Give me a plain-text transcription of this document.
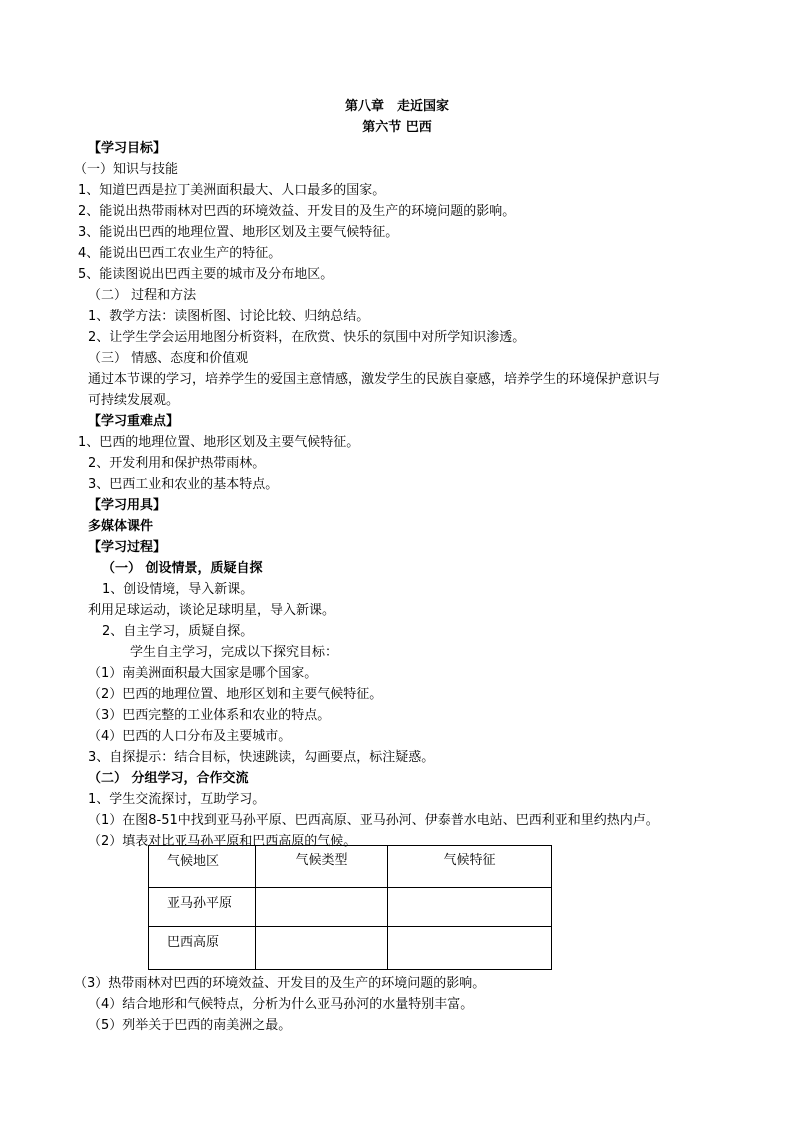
第八章　走近国家
第六节 巴西
【学习目标】
（一）知识与技能
1、知道巴西是拉丁美洲面积最大、人口最多的国家。
2、能说出热带雨林对巴西的环境效益、开发目的及生产的环境问题的影响。
3、能说出巴西的地理位置、地形区划及主要气候特征。
4、能说出巴西工农业生产的特征。
5、能读图说出巴西主要的城市及分布地区。
（二） 过程和方法
1、教学方法：读图析图、讨论比较、归纳总结。
2、让学生学会运用地图分析资料，在欣赏、快乐的氛围中对所学知识渗透。
（三） 情感、态度和价值观
通过本节课的学习，培养学生的爱国主意情感，激发学生的民族自豪感，培养学生的环境保护意识与
可持续发展观。
【学习重难点】
1、巴西的地理位置、地形区划及主要气候特征。
2、开发利用和保护热带雨林。
3、巴西工业和农业的基本特点。
【学习用具】
多媒体课件
【学习过程】
（一） 创设情景，质疑自探
1、创设情境，导入新课。
利用足球运动，谈论足球明星，导入新课。
2、自主学习，质疑自探。
学生自主学习，完成以下探究目标：
（1）南美洲面积最大国家是哪个国家。
（2）巴西的地理位置、地形区划和主要气候特征。
（3）巴西完整的工业体系和农业的特点。
（4）巴西的人口分布及主要城市。
3、自探提示：结合目标，快速跳读，勾画要点，标注疑惑。
（二） 分组学习，合作交流
1、学生交流探讨，互助学习。
（1）在图8-51中找到亚马孙平原、巴西高原、亚马孙河、伊泰普水电站、巴西利亚和里约热内卢。
（2）填表对比亚马孙平原和巴西高原的气候。
气候地区	气候类型	气候特征

亚马孙平原		

巴西高原		

（3）热带雨林对巴西的环境效益、开发目的及生产的环境问题的影响。
（4）结合地形和气候特点，分析为什么亚马孙河的水量特别丰富。
（5）列举关于巴西的南美洲之最。
